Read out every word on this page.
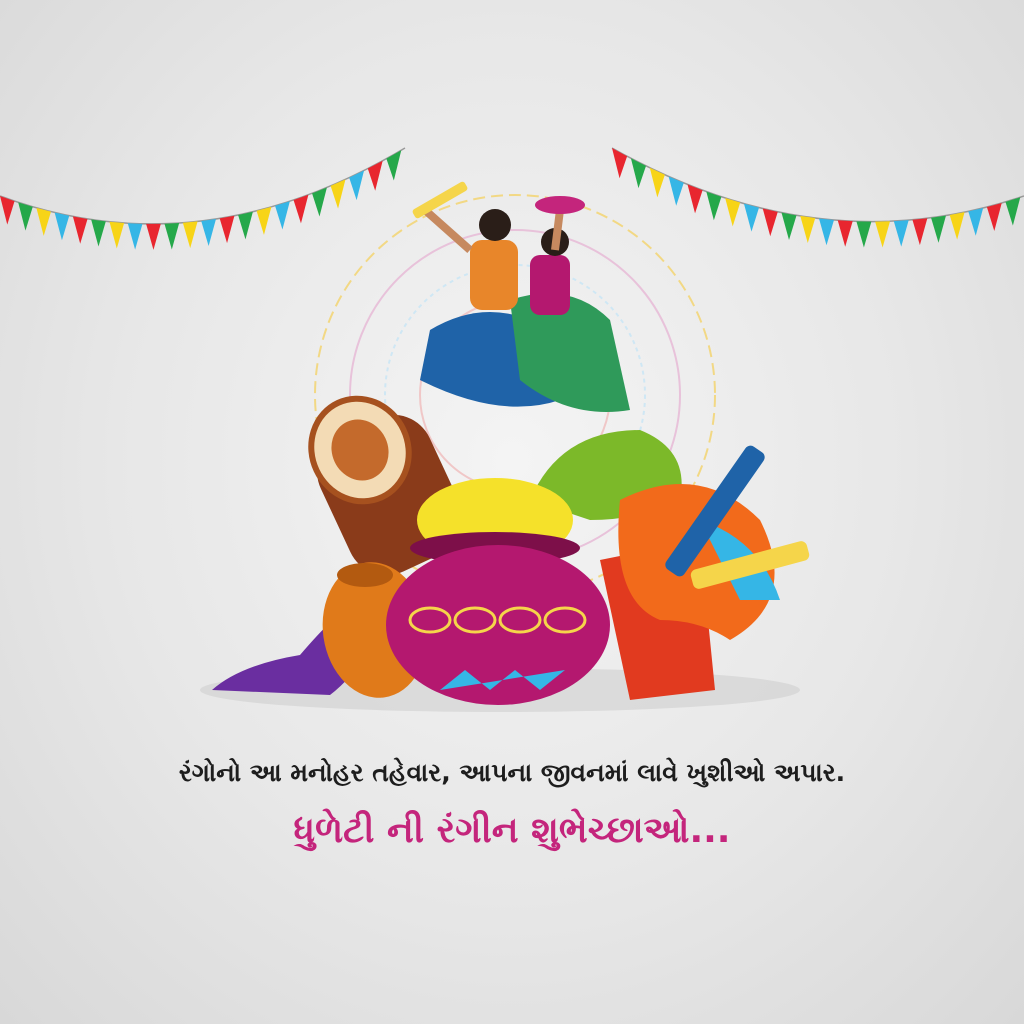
રંગોનો આ મનોહર તહેવાર, આપના જીવનમાં લાવે ખુશીઓ અપાર.
ધુળેટી ની રંગીન શુભેચ્છાઓ...
